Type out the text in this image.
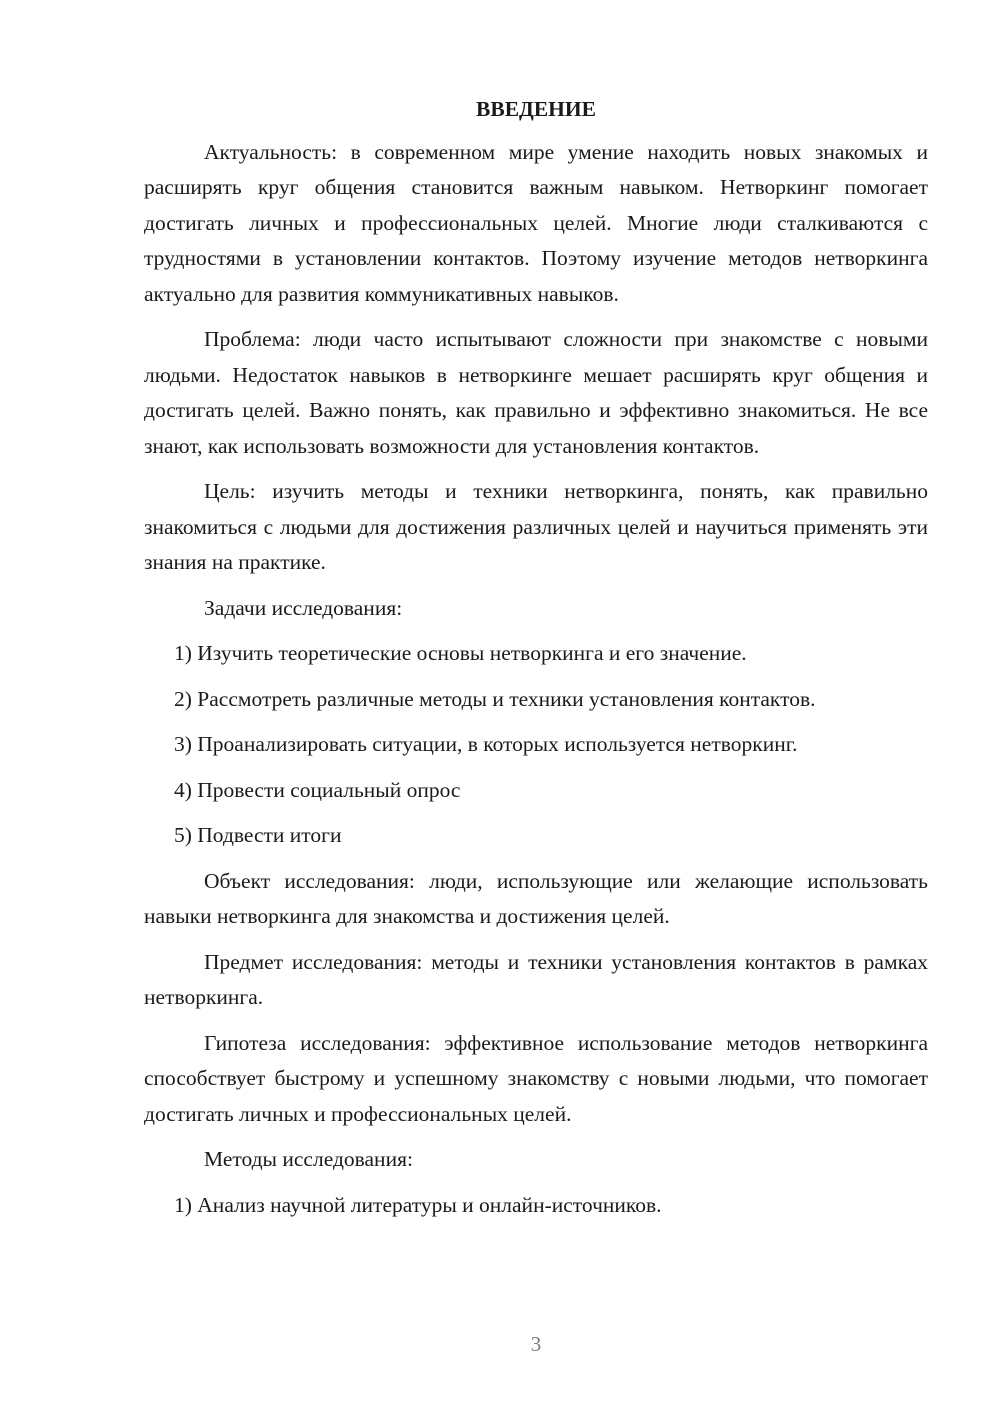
ВВЕДЕНИЕ

Актуальность: в современном мире умение находить новых знакомых и расширять круг общения становится важным навыком. Нетворкинг помогает достигать личных и профессиональных целей. Многие люди сталкиваются с трудностями в установлении контактов. Поэтому изучение методов нетворкинга актуально для развития коммуникативных навыков.

Проблема: люди часто испытывают сложности при знакомстве с новыми людьми. Недостаток навыков в нетворкинге мешает расширять круг общения и достигать целей. Важно понять, как правильно и эффективно знакомиться. Не все знают, как использовать возможности для установления контактов.

Цель: изучить методы и техники нетворкинга, понять, как правильно знакомиться с людьми для достижения различных целей и научиться применять эти знания на практике.

Задачи исследования:

1) Изучить теоретические основы нетворкинга и его значение.
2) Рассмотреть различные методы и техники установления контактов.
3) Проанализировать ситуации, в которых используется нетворкинг.
4) Провести социальный опрос
5) Подвести итоги

Объект исследования: люди, использующие или желающие использовать навыки нетворкинга для знакомства и достижения целей.

Предмет исследования: методы и техники установления контактов в рамках нетворкинга.

Гипотеза исследования: эффективное использование методов нетворкинга способствует быстрому и успешному знакомству с новыми людьми, что помогает достигать личных и профессиональных целей.

Методы исследования:

1) Анализ научной литературы и онлайн-источников.
3
